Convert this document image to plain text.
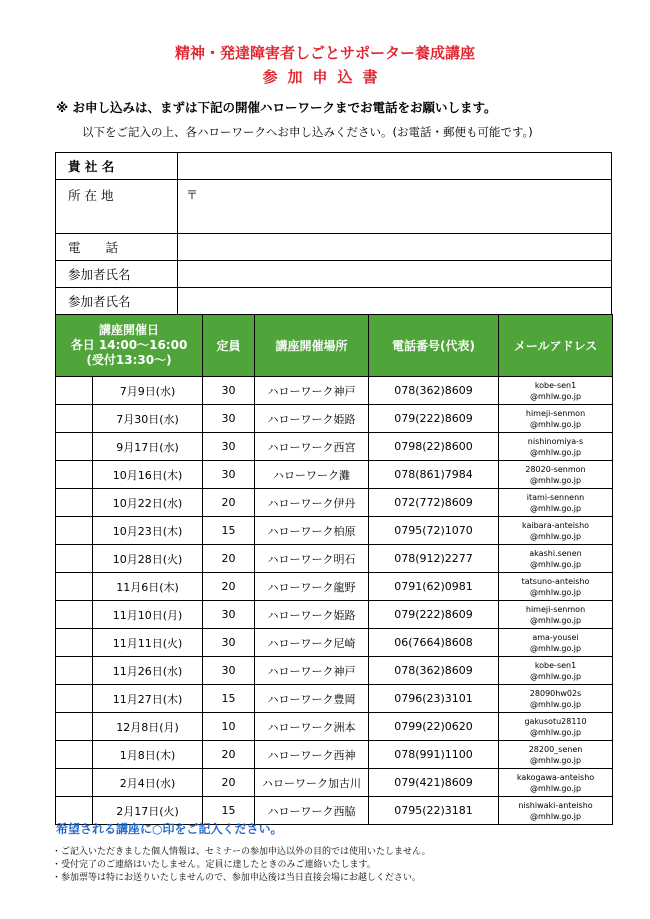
精神・発達障害者しごとサポーター養成講座
参加申込書
※ お申し込みは、まずは下記の開催ハローワークまでお電話をお願いします。
以下をご記入の上、各ハローワークへお申し込みください。(お電話・郵便も可能です。)
貴 社 名	
所 在 地	〒
電　　話	
参加者氏名	
参加者氏名	
講座開催日
各日 14:00～16:00
(受付13:30～)		定員	講座開催場所	電話番号(代表)	メールアドレス
	7月9日(水)	30	ハローワーク神戸	078(362)8609	kobe-sen1
@mhlw.go.jp

	7月30日(水)	30	ハローワーク姫路	079(222)8609	himeji-senmon
@mhlw.go.jp

	9月17日(水)	30	ハローワーク西宮	0798(22)8600	nishinomiya-s
@mhlw.go.jp

	10月16日(木)	30	ハローワーク灘	078(861)7984	28020-senmon
@mhlw.go.jp

	10月22日(水)	20	ハローワーク伊丹	072(772)8609	itami-sennenn
@mhlw.go.jp

	10月23日(木)	15	ハローワーク柏原	0795(72)1070	kaibara-anteisho
@mhlw.go.jp

	10月28日(火)	20	ハローワーク明石	078(912)2277	akashi.senen
@mhlw.go.jp

	11月6日(木)	20	ハローワーク龍野	0791(62)0981	tatsuno-anteisho
@mhlw.go.jp

	11月10日(月)	30	ハローワーク姫路	079(222)8609	himeji-senmon
@mhlw.go.jp

	11月11日(火)	30	ハローワーク尼崎	06(7664)8608	ama-yousei
@mhlw.go.jp

	11月26日(水)	30	ハローワーク神戸	078(362)8609	kobe-sen1
@mhlw.go.jp

	11月27日(木)	15	ハローワーク豊岡	0796(23)3101	28090hw02s
@mhlw.go.jp

	12月8日(月)	10	ハローワーク洲本	0799(22)0620	gakusotu28110
@mhlw.go.jp

	1月8日(木)	20	ハローワーク西神	078(991)1100	28200_senen
@mhlw.go.jp

	2月4日(水)	20	ハローワーク加古川	079(421)8609	kakogawa-anteisho
@mhlw.go.jp

	2月17日(火)	15	ハローワーク西脇	0795(22)3181	nishiwaki-anteisho
@mhlw.go.jp
希望される講座に○印をご記入ください。
・ご記入いただきました個人情報は、セミナーの参加申込以外の目的では使用いたしません。
・受付完了のご連絡はいたしません。定員に達したときのみご連絡いたします。
・参加票等は特にお送りいたしませんので、参加申込後は当日直接会場にお越しください。
